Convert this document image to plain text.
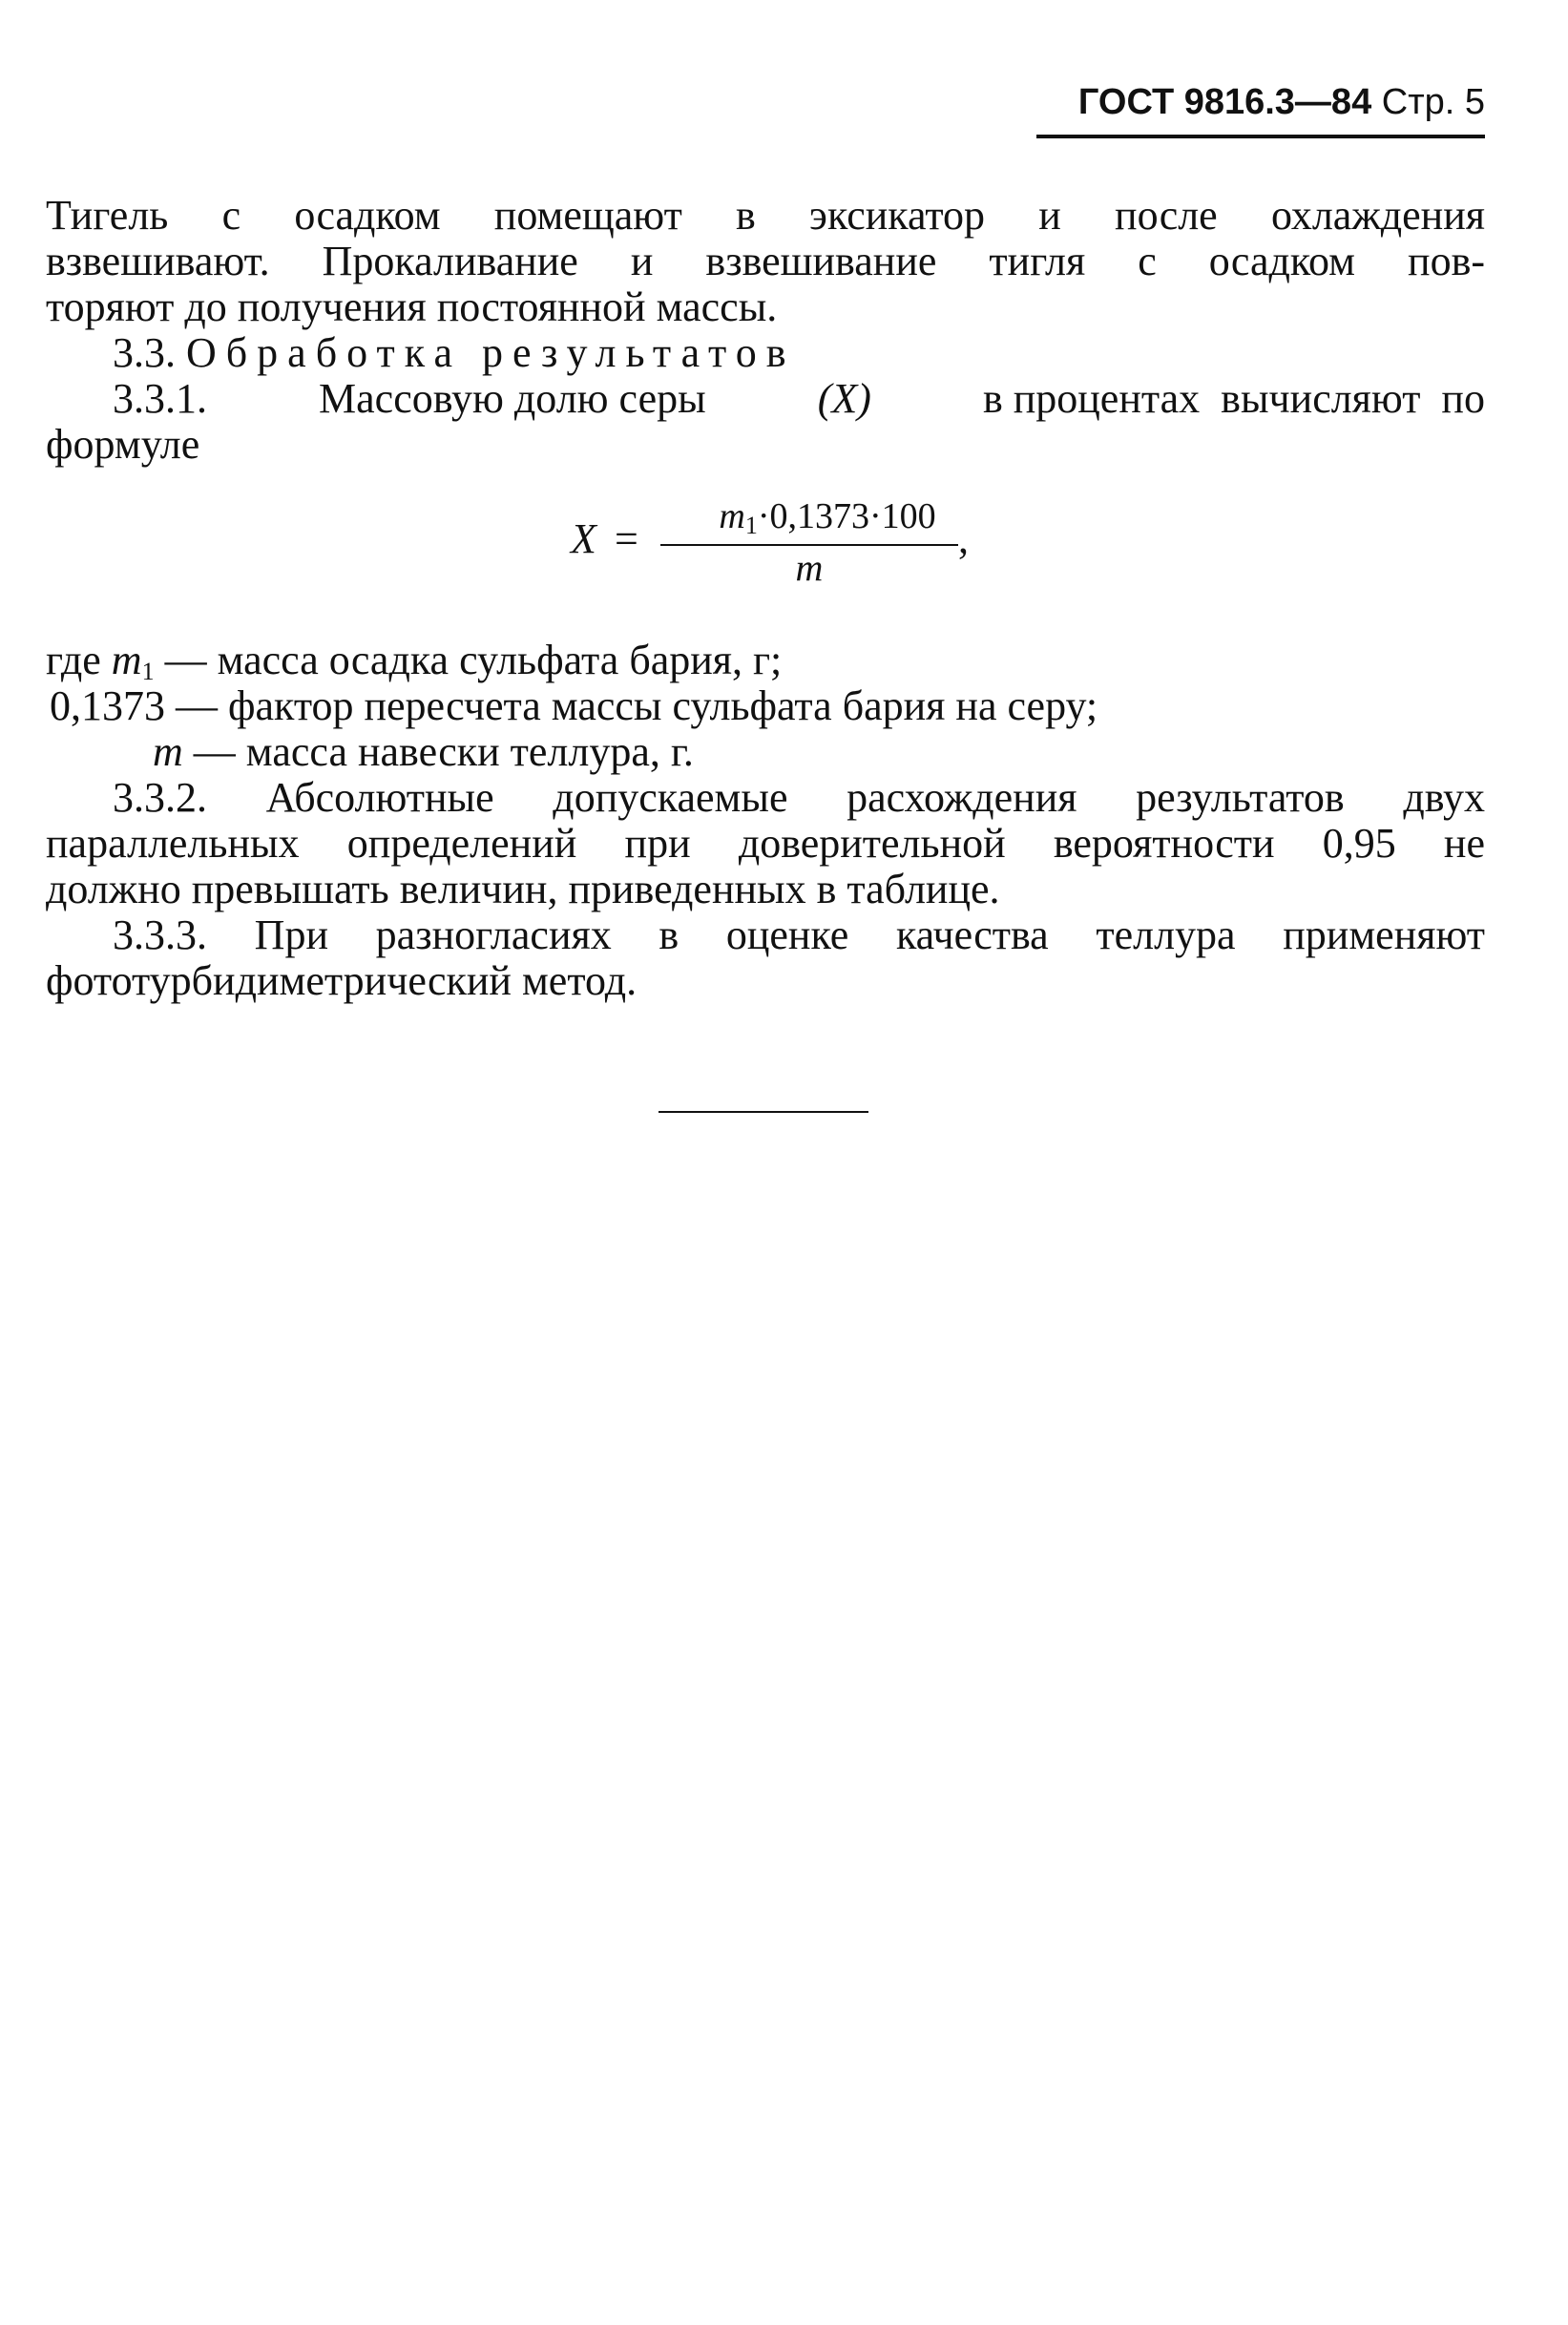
ГОСТ 9816.3—84 Стр. 5
Тигель с осадком помещают в эксикатор и после охлаждения
взвешивают. Прокаливание и взвешивание тигля с осадком пов-
торяют до получения постоянной массы.
3.3. Обработка результатов
3.3.1.	Массовую долю серы	(X)	в процентах  вычисляют  по
формуле
X =	$m_1\cdot 0,1373\cdot 100$
m
,
где $m_1$ — масса осадка сульфата бария, г;
0,1373 — фактор пересчета массы сульфата бария на серу;
m — масса навески теллура, г.
3.3.2. Абсолютные допускаемые расхождения результатов двух
параллельных определений при доверительной вероятности 0,95 не
должно превышать величин, приведенных в таблице.
3.3.3. При разногласиях в оценке качества теллура применяют
фототурбидиметрический метод.
